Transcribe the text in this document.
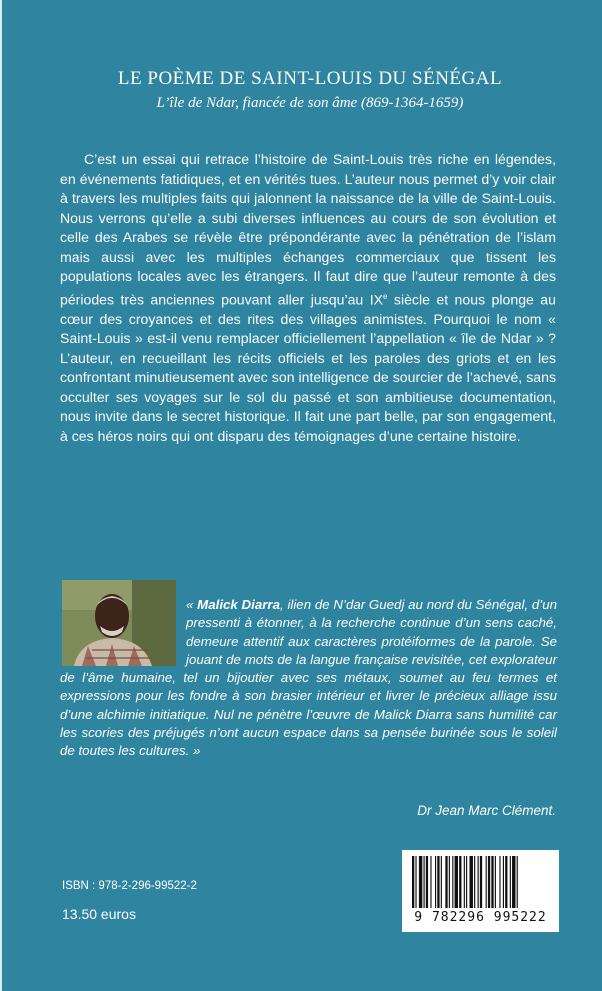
LE POÈME DE SAINT-LOUIS DU SÉNÉGAL
L’île de Ndar, fiancée de son âme (869-1364-1659)

C’est un essai qui retrace l’histoire de Saint-Louis très riche en légendes, en événements fatidiques, et en vérités tues. L’auteur nous permet d’y voir clair à travers les multiples faits qui jalonnent la naissance de la ville de Saint-Louis. Nous verrons qu’elle a subi diverses influences au cours de son évolution et celle des Arabes se révèle être prépondérante avec la pénétration de l’islam mais aussi avec les multiples échanges commerciaux que tissent les populations locales avec les étrangers. Il faut dire que l’auteur remonte à des périodes très anciennes pouvant aller jusqu’au IXe siècle et nous plonge au cœur des croyances et des rites des villages animistes. Pourquoi le nom « Saint-Louis » est-il venu remplacer officiellement l’appellation « île de Ndar » ? L’auteur, en recueillant les récits officiels et les paroles des griots et en les confrontant minutieusement avec son intelligence de sourcier de l’achevé, sans occulter ses voyages sur le sol du passé et son ambitieuse documentation, nous invite dans le secret historique. Il fait une part belle, par son engagement, à ces héros noirs qui ont disparu des témoignages d’une certaine histoire.

« Malick Diarra, ilien de N’dar Guedj au nord du Sénégal, d’un pressenti à étonner, à la recherche continue d’un sens caché, demeure attentif aux caractères protéiformes de la parole. Se jouant de mots de la langue française revisitée, cet explorateur de l’âme humaine, tel un bijoutier avec ses métaux, soumet au feu termes et expressions pour les fondre à son brasier intérieur et livrer le précieux alliage issu d’une alchimie initiatique. Nul ne pénètre l’œuvre de Malick Diarra sans humilité car les scories des préjugés n’ont aucun espace dans sa pensée burinée sous le soleil de toutes les cultures. »

Dr Jean Marc Clément.
ISBN : 978-2-296-99522-2
13.50 euros	9 782296 995222
